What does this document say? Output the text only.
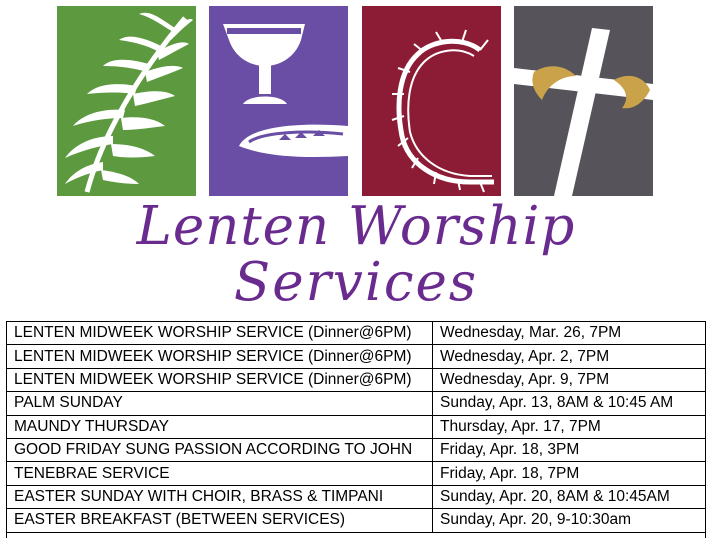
Lenten Worship
Services
LENTEN MIDWEEK WORSHIP SERVICE (Dinner@6PM)	Wednesday, Mar. 26, 7PM
LENTEN MIDWEEK WORSHIP SERVICE (Dinner@6PM)	Wednesday, Apr. 2, 7PM
LENTEN MIDWEEK WORSHIP SERVICE (Dinner@6PM)	Wednesday, Apr. 9, 7PM
PALM SUNDAY	Sunday, Apr. 13, 8AM & 10:45 AM
MAUNDY THURSDAY	Thursday, Apr. 17, 7PM
GOOD FRIDAY SUNG PASSION ACCORDING TO JOHN	Friday, Apr. 18, 3PM
TENEBRAE SERVICE	Friday, Apr. 18, 7PM
EASTER SUNDAY WITH CHOIR, BRASS & TIMPANI	Sunday, Apr. 20, 8AM & 10:45AM
EASTER BREAKFAST (BETWEEN SERVICES)	Sunday, Apr. 20, 9-10:30am
